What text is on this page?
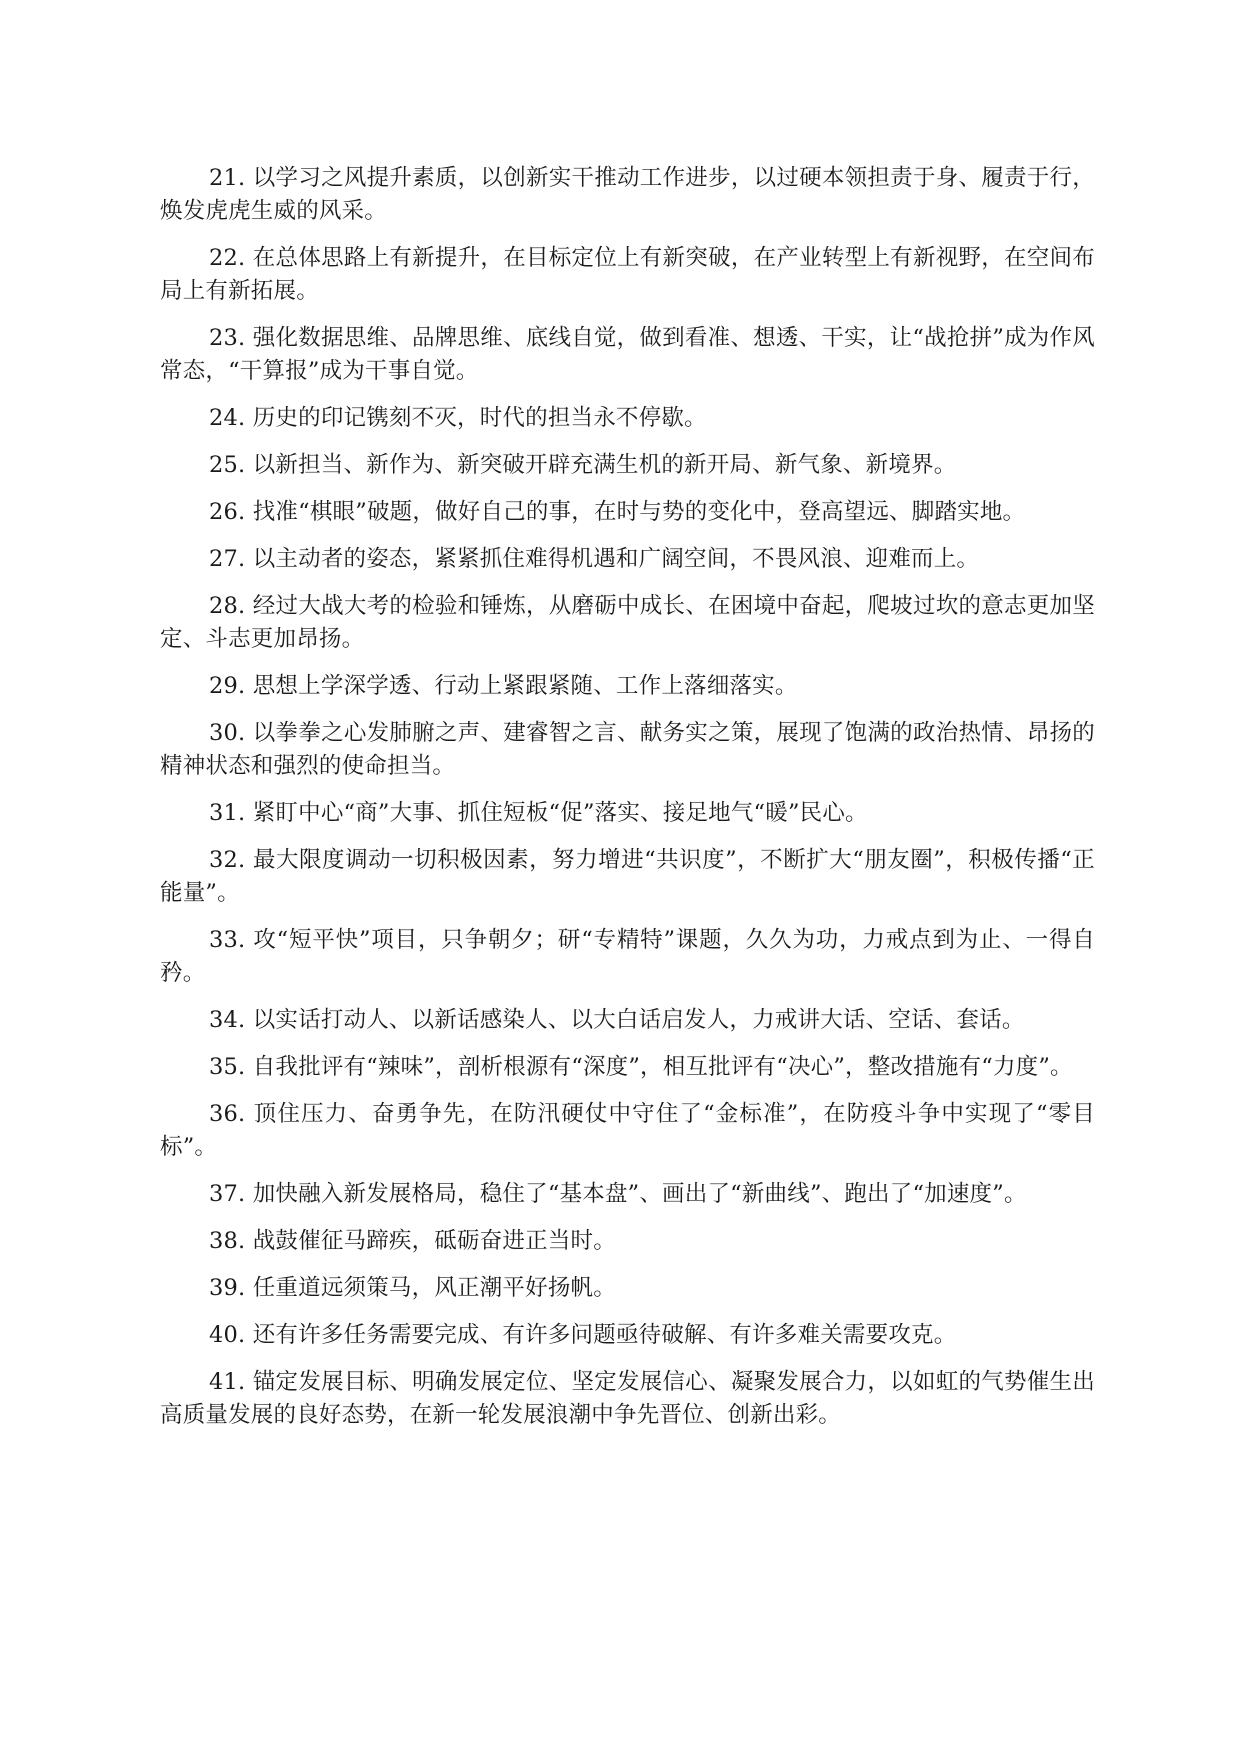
21. 以学习之风提升素质，以创新实干推动工作进步，以过硬本领担责于身、履责于行，焕发虎虎生威的风采。

22. 在总体思路上有新提升，在目标定位上有新突破，在产业转型上有新视野，在空间布局上有新拓展。

23. 强化数据思维、品牌思维、底线自觉，做到看准、想透、干实，让“战抢拼”成为作风常态，“干算报”成为干事自觉。

24. 历史的印记镌刻不灭，时代的担当永不停歇。

25. 以新担当、新作为、新突破开辟充满生机的新开局、新气象、新境界。

26. 找准“棋眼”破题，做好自己的事，在时与势的变化中，登高望远、脚踏实地。

27. 以主动者的姿态，紧紧抓住难得机遇和广阔空间，不畏风浪、迎难而上。

28. 经过大战大考的检验和锤炼，从磨砺中成长、在困境中奋起，爬坡过坎的意志更加坚定、斗志更加昂扬。

29. 思想上学深学透、行动上紧跟紧随、工作上落细落实。

30. 以拳拳之心发肺腑之声、建睿智之言、献务实之策，展现了饱满的政治热情、昂扬的精神状态和强烈的使命担当。

31. 紧盯中心“商”大事、抓住短板“促”落实、接足地气“暖”民心。

32. 最大限度调动一切积极因素，努力增进“共识度”，不断扩大“朋友圈”，积极传播“正能量”。

33. 攻“短平快”项目，只争朝夕；研“专精特”课题，久久为功，力戒点到为止、一得自矜。

34. 以实话打动人、以新话感染人、以大白话启发人，力戒讲大话、空话、套话。

35. 自我批评有“辣味”，剖析根源有“深度”，相互批评有“决心”，整改措施有“力度”。

36. 顶住压力、奋勇争先，在防汛硬仗中守住了“金标准”，在防疫斗争中实现了“零目标”。

37. 加快融入新发展格局，稳住了“基本盘”、画出了“新曲线”、跑出了“加速度”。

38. 战鼓催征马蹄疾，砥砺奋进正当时。

39. 任重道远须策马，风正潮平好扬帆。

40. 还有许多任务需要完成、有许多问题亟待破解、有许多难关需要攻克。

41. 锚定发展目标、明确发展定位、坚定发展信心、凝聚发展合力，以如虹的气势催生出高质量发展的良好态势，在新一轮发展浪潮中争先晋位、创新出彩。
